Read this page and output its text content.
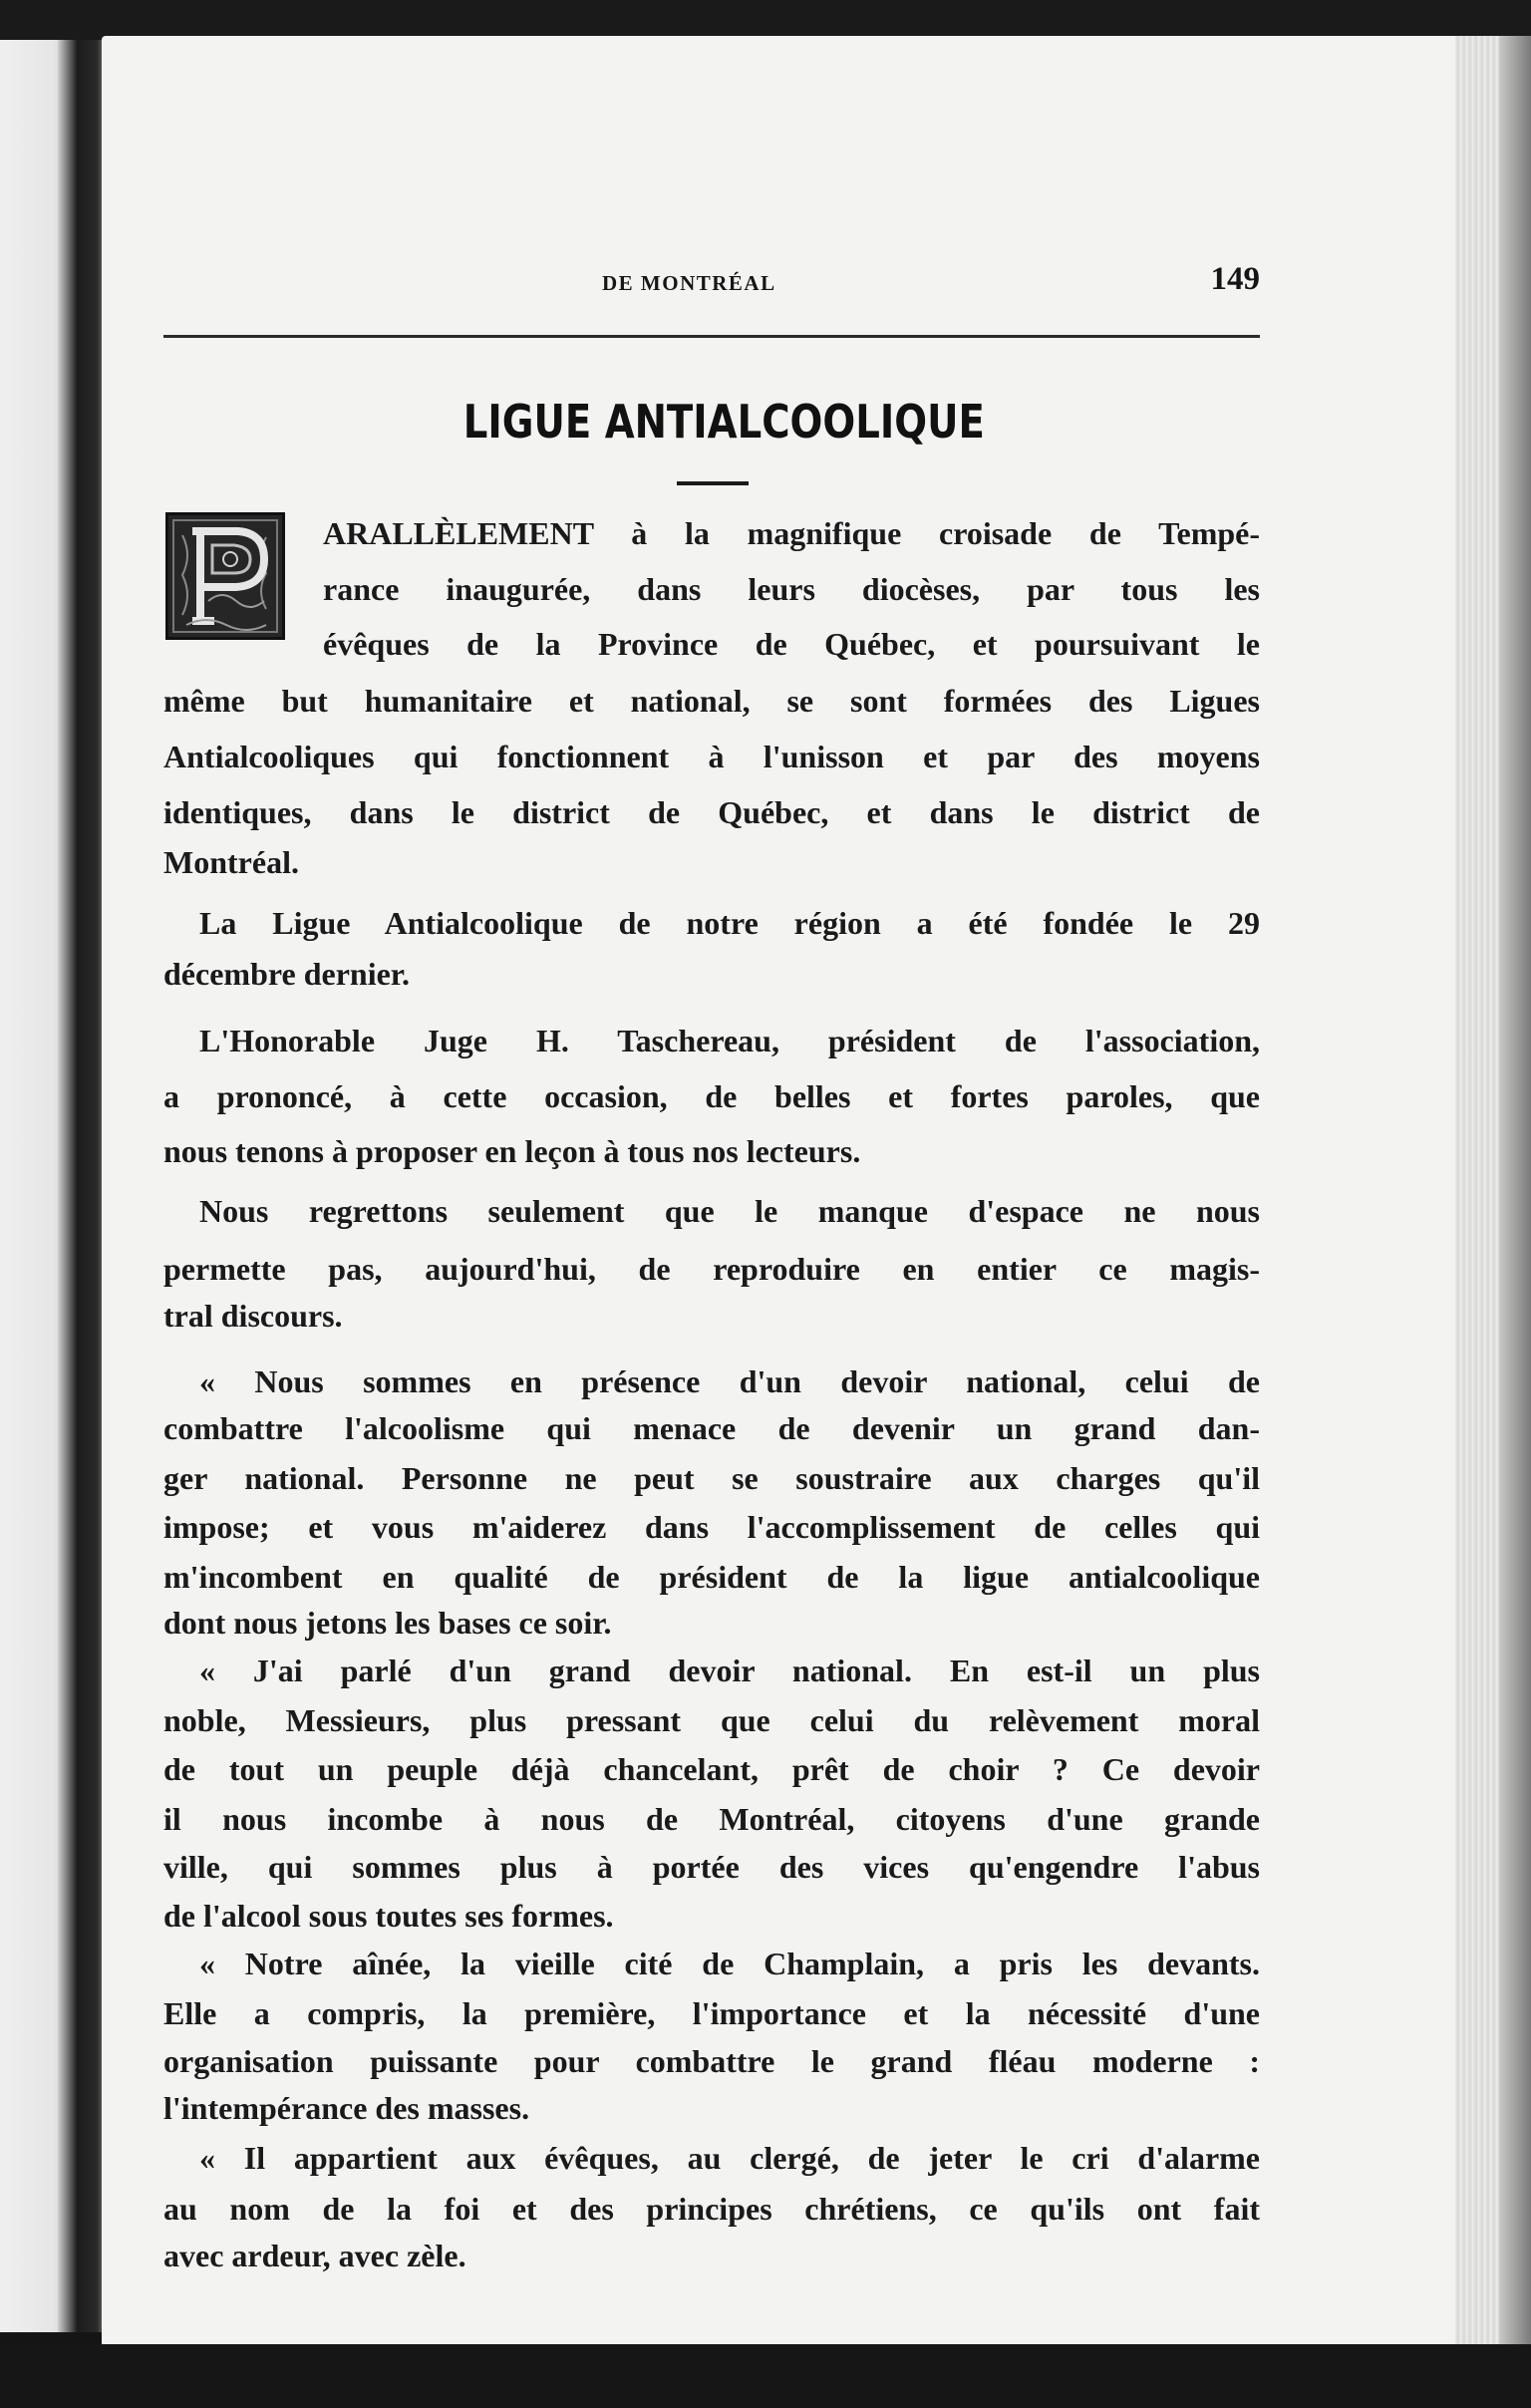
DE MONTRÉAL	149
LIGUE ANTIALCOOLIQUE
ARALLÈLEMENT à la magnifique croisade de Tempé-
rance inaugurée, dans leurs diocèses, par tous les
évêques de la Province de Québec, et poursuivant le
même but humanitaire et national, se sont formées des Ligues
Antialcooliques qui fonctionnent à l'unisson et par des moyens
identiques, dans le district de Québec, et dans le district de
Montréal.
La Ligue Antialcoolique de notre région a été fondée le 29
décembre dernier.
L'Honorable Juge H. Taschereau, président de l'association,
a prononcé, à cette occasion, de belles et fortes paroles, que
nous tenons à proposer en leçon à tous nos lecteurs.
Nous regrettons seulement que le manque d'espace ne nous
permette pas, aujourd'hui, de reproduire en entier ce magis-
tral discours.
« Nous sommes en présence d'un devoir national, celui de
combattre l'alcoolisme qui menace de devenir un grand dan-
ger national. Personne ne peut se soustraire aux charges qu'il
impose; et vous m'aiderez dans l'accomplissement de celles qui
m'incombent en qualité de président de la ligue antialcoolique
dont nous jetons les bases ce soir.
« J'ai parlé d'un grand devoir national. En est-il un plus
noble, Messieurs, plus pressant que celui du relèvement moral
de tout un peuple déjà chancelant, prêt de choir ? Ce devoir
il nous incombe à nous de Montréal, citoyens d'une grande
ville, qui sommes plus à portée des vices qu'engendre l'abus
de l'alcool sous toutes ses formes.
« Notre aînée, la vieille cité de Champlain, a pris les devants.
Elle a compris, la première, l'importance et la nécessité d'une
organisation puissante pour combattre le grand fléau moderne :
l'intempérance des masses.
« Il appartient aux évêques, au clergé, de jeter le cri d'alarme
au nom de la foi et des principes chrétiens, ce qu'ils ont fait
avec ardeur, avec zèle.
